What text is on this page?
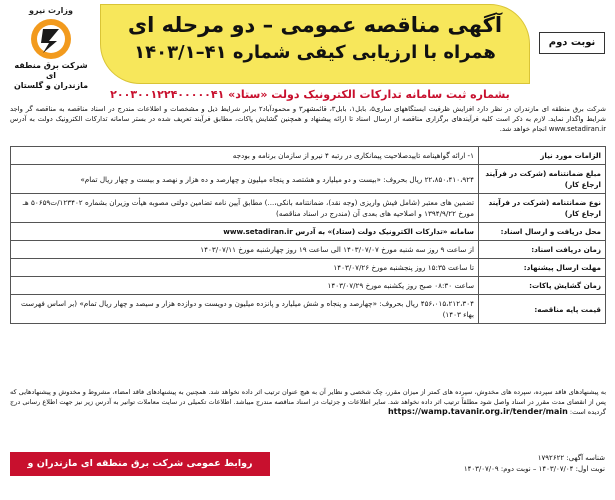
وزارت نیرو
شرکت برق منطقه ای
مازندران و گلستان
آگهی مناقصه عمومی – دو مرحله ای
همراه با ارزیابی کیفی شماره ۴۱–۱۴۰۳/۱	نوبت دوم
بشماره ثبت سامانه تدارکات الکترونیک دولت «ستاد» ۲۰۰۳۰۰۱۲۲۴۰۰۰۰۰۴۱
شرکت برق منطقه ای مازندران در نظر دارد افزایش ظرفیت ایستگاههای ساری۵، بابل۱، بابل۳، قائمشهر۳ و محمودآباد۲ برابر شرایط ذیل و مشخصات و اطلاعات مندرج در اسناد مناقصه به مناقصه گر واجد شرایط واگذار نماید. لازم به ذکر است کلیه فرآیندهای برگزاری مناقصه از ارسال اسناد تا ارائه پیشنهاد و همچنین گشایش پاکات، مطابق فرآیند تعریف شده در بستر سامانه تدارکات الکترونیک دولت به آدرس www.setadiran.ir انجام خواهد شد.
الزامات مورد نیاز	۱- ارائه گواهینامه تاییدصلاحیت پیمانکاری در رتبه ۴ نیرو از سازمان برنامه و بودجه
مبلغ ضمانتنامه (شرکت در فرآیند ارجاع کار)	۲۲،۸۵۰،۴۱۰،۹۲۴ ریال بحروف: «بیست و دو میلیارد و هشتصد و پنجاه میلیون و چهارصد و ده هزار و نهصد و بیست و چهار ریال تمام»
نوع ضمانتنامه (شرکت در فرآیند ارجاع کار)	تضمین های معتبر (شامل فیش واریزی (وجه نقد)، ضمانتنامه بانکی،...) مطابق آیین نامه تضامین دولتی مصوبه هیأت وزیران بشماره ۱۲۳۴۰۲/ت۵۰۶۵۹ هـ مورخ ۱۳۹۴/۹/۲۲ و اصلاحیه های بعدی آن (مندرج در اسناد مناقصه)
محل دریافت و ارسال اسناد:	سامانه «تدارکات الکترونیک دولت (ستاد)» به آدرس www.setadiran.ir
زمان دریافت اسناد:	از ساعت ۹ روز سه شنبه مورخ ۱۴۰۳/۰۷/۰۷ الی ساعت ۱۹ روز چهارشنبه مورخ ۱۴۰۳/۰۷/۱۱
مهلت ارسال پیشنهاد:	تا ساعت ۱۵:۳۵ روز پنجشنبه مورخ ۱۴۰۳/۰۷/۲۶
زمان گشایش پاکات:	ساعت ۰۸:۳۰ صبح روز یکشنبه مورخ ۱۴۰۳/۰۷/۲۹
قیمت پایه مناقصه:	۴۵۶،۰۱۵،۲۱۲،۳۰۴ ریال بحروف: «چهارصد و پنجاه و شش میلیارد و پانزده میلیون و دویست و دوازده هزار و سیصد و چهار ریال تمام» (بر اساس فهرست بهاء ۱۴۰۳)
به پیشنهادهای فاقد سپرده، سپرده های مخدوش، سپرده های کمتر از میزان مقرر، چک شخصی و نظایر آن به هیچ عنوان ترتیب اثر داده نخواهد شد. همچنین به پیشنهادهای فاقد امضاء، مشروط و مخدوش و پیشنهادهایی که پس از انقضای مدت مقرر در اسناد واصل شود مطلقاً ترتیب اثر داده نخواهد شد. سایر اطلاعات و جزئیات در اسناد مناقصه مندرج میباشد. اطلاعات تکمیلی در سایت معاملات توانیر به آدرس زیر نیز جهت اطلاع رسانی درج گردیده است: https://wamp.tavanir.org.ir/tender/main
روابط عمومی شرکت برق منطقه ای مازندران و گلستان
شناسه آگهی: ۱۷۹۲۶۲۲
نوبت اول: ۱۴۰۳/۰۷/۰۴ – نوبت دوم: ۱۴۰۳/۰۷/۰۹
